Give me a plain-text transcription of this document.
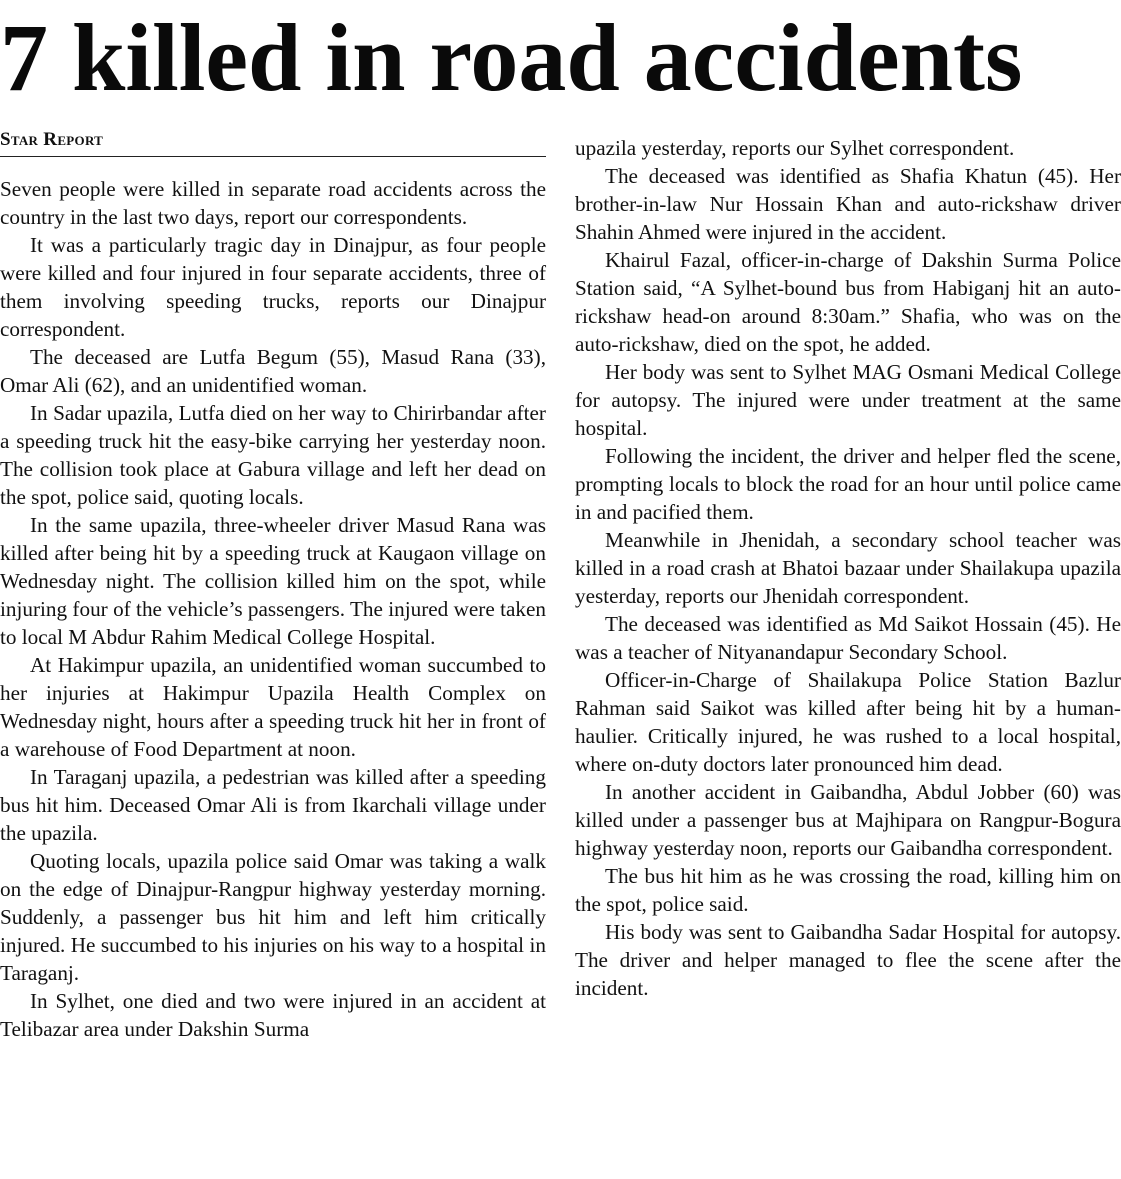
7 killed in road accidents
Star Report

Seven people were killed in separate road accidents across the country in the last two days, report our correspondents.

It was a particularly tragic day in Dinajpur, as four people were killed and four injured in four separate accidents, three of them involving speeding trucks, reports our Dinajpur correspondent.

The deceased are Lutfa Begum (55), Masud Rana (33), Omar Ali (62), and an unidentified woman.

In Sadar upazila, Lutfa died on her way to Chirirbandar after a speeding truck hit the easy-bike carrying her yesterday noon. The collision took place at Gabura village and left her dead on the spot, police said, quoting locals.

In the same upazila, three-wheeler driver Masud Rana was killed after being hit by a speeding truck at Kaugaon village on Wednesday night. The collision killed him on the spot, while injuring four of the vehicle’s passengers. The injured were taken to local M Abdur Rahim Medical College Hospital.

At Hakimpur upazila, an unidentified woman succumbed to her injuries at Hakimpur Upazila Health Complex on Wednesday night, hours after a speeding truck hit her in front of a warehouse of Food Department at noon.

In Taraganj upazila, a pedestrian was killed after a speeding bus hit him. Deceased Omar Ali is from Ikarchali village under the upazila.

Quoting locals, upazila police said Omar was taking a walk on the edge of Dinajpur-Rangpur highway yesterday morning. Suddenly, a passenger bus hit him and left him critically injured. He succumbed to his injuries on his way to a hospital in Taraganj.

In Sylhet, one died and two were injured in an accident at Telibazar area under Dakshin Surma

upazila yesterday, reports our Sylhet correspondent.

The deceased was identified as Shafia Khatun (45). Her brother-in-law Nur Hossain Khan and auto-rickshaw driver Shahin Ahmed were injured in the accident.

Khairul Fazal, officer-in-charge of Dakshin Surma Police Station said, “A Sylhet-bound bus from Habiganj hit an auto-rickshaw head-on around 8:30am.” Shafia, who was on the auto-rickshaw, died on the spot, he added.

Her body was sent to Sylhet MAG Osmani Medical College for autopsy. The injured were under treatment at the same hospital.

Following the incident, the driver and helper fled the scene, prompting locals to block the road for an hour until police came in and pacified them.

Meanwhile in Jhenidah, a secondary school teacher was killed in a road crash at Bhatoi bazaar under Shailakupa upazila yesterday, reports our Jhenidah correspondent.

The deceased was identified as Md Saikot Hossain (45). He was a teacher of Nityanandapur Secondary School.

Officer-in-Charge of Shailakupa Police Station Bazlur Rahman said Saikot was killed after being hit by a human-haulier. Critically injured, he was rushed to a local hospital, where on-duty doctors later pronounced him dead.

In another accident in Gaibandha, Abdul Jobber (60) was killed under a passenger bus at Majhipara on Rangpur-Bogura highway yesterday noon, reports our Gaibandha correspondent.

The bus hit him as he was crossing the road, killing him on the spot, police said.

His body was sent to Gaibandha Sadar Hospital for autopsy. The driver and helper managed to flee the scene after the incident.
